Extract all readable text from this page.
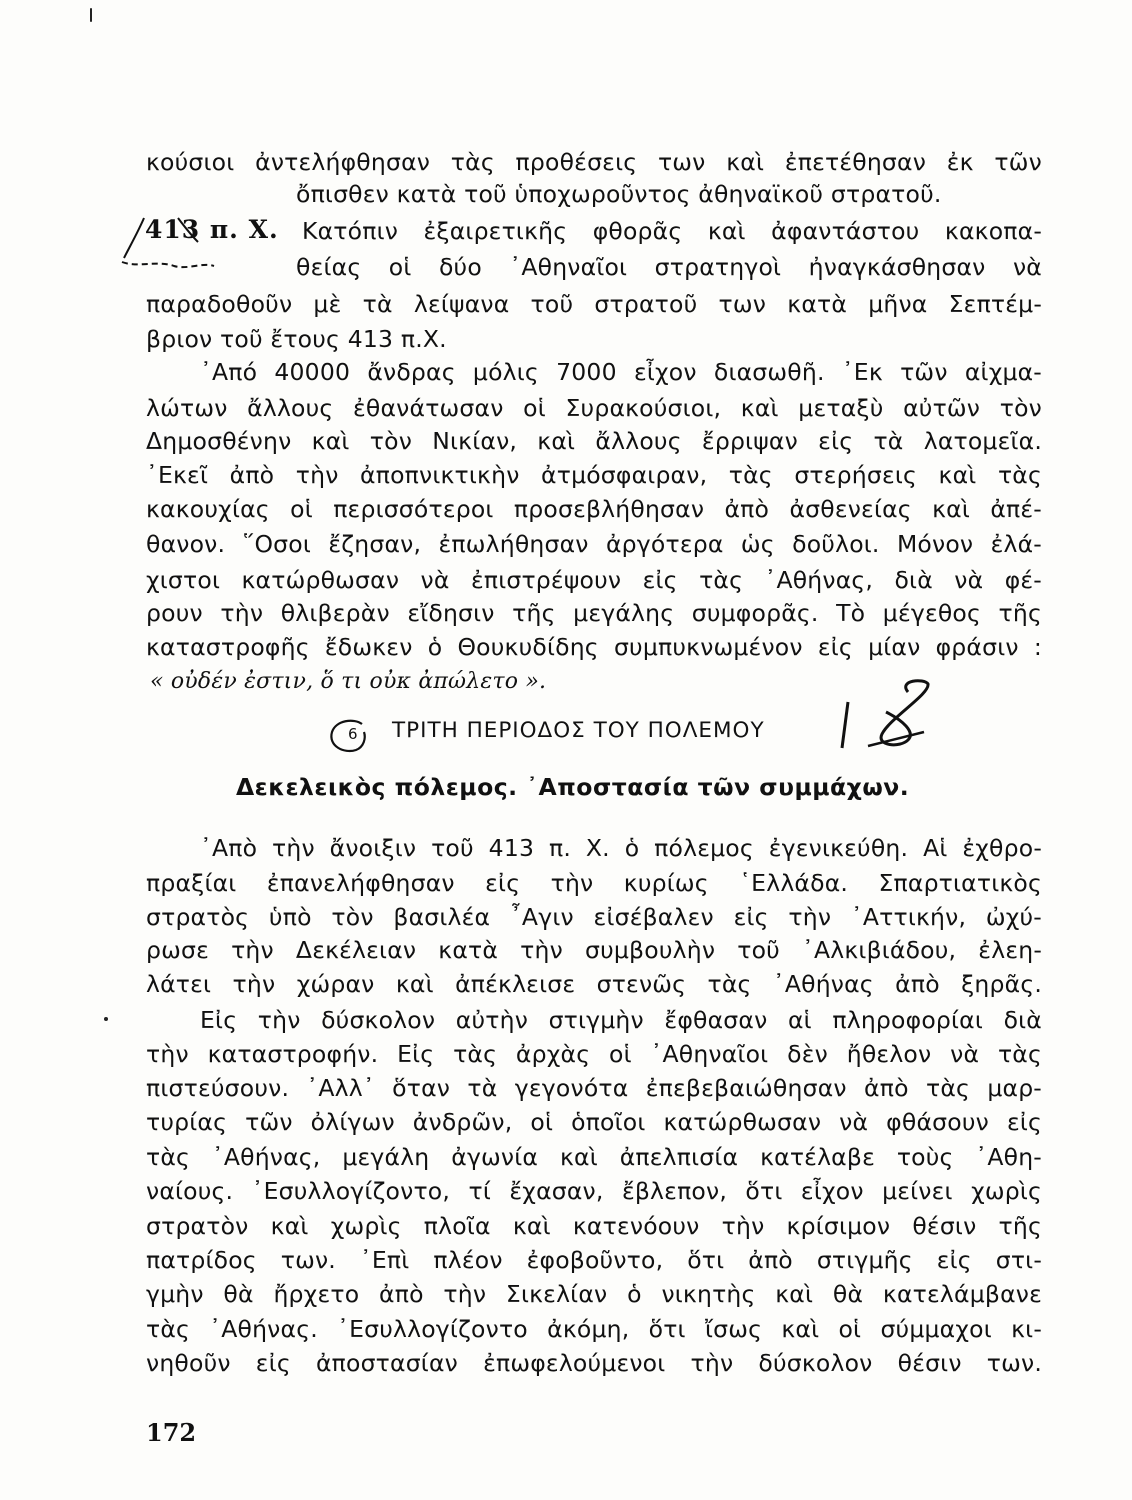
κούσιοι ἀντελήφθησαν τὰς προθέσεις των καὶ ἐπετέθησαν ἐκ τῶν
ὄπισθεν κατὰ τοῦ ὑποχωροῦντος ἀθηναϊκοῦ στρατοῦ.
Κατόπιν ἐξαιρετικῆς φθορᾶς καὶ ἀφαντάστου κακοπα-
θείας οἱ δύο ᾿Αθηναῖοι στρατηγοὶ ἠναγκάσθησαν νὰ
παραδοθοῦν μὲ τὰ λείψανα τοῦ στρατοῦ των κατὰ μῆνα Σεπτέμ-
βριον τοῦ ἔτους 413 π.Χ.
᾿Από 40000 ἄνδρας μόλις 7000 εἶχον διασωθῆ. ᾿Εκ τῶν αἰχμα-
λώτων ἄλλους ἐθανάτωσαν οἱ Συρακούσιοι, καὶ μεταξὺ αὐτῶν τὸν
Δημοσθένην καὶ τὸν Νικίαν, καὶ ἄλλους ἔρριψαν εἰς τὰ λατομεῖα.
᾿Εκεῖ ἀπὸ τὴν ἀποπνικτικὴν ἀτμόσφαιραν, τὰς στερήσεις καὶ τὰς
κακουχίας οἱ περισσότεροι προσεβλήθησαν ἀπὸ ἀσθενείας καὶ ἀπέ-
θανον. ῞Οσοι ἔζησαν, ἐπωλήθησαν ἀργότερα ὡς δοῦλοι. Μόνον ἐλά-
χιστοι κατώρθωσαν νὰ ἐπιστρέψουν εἰς τὰς ᾿Αθήνας, διὰ νὰ φέ-
ρουν τὴν θλιβερὰν εἴδησιν τῆς μεγάλης συμφορᾶς. Τὸ μέγεθος τῆς
καταστροφῆς ἔδωκεν ὁ Θουκυδίδης συμπυκνωμένον εἰς μίαν φράσιν :
« οὐδέν ἐστιν, ὅ τι οὐκ ἀπώλετο ».
413 π. Χ.
6 ΤΡΙΤΗ ΠΕΡΙΟΔΟΣ ΤΟΥ ΠΟΛΕΜΟΥ
Δεκελεικὸς πόλεμος. ᾿Αποστασία τῶν συμμάχων.
᾿Απὸ τὴν ἄνοιξιν τοῦ 413 π. Χ. ὁ πόλεμος ἐγενικεύθη. Αἱ ἐχθρο-
πραξίαι ἐπανελήφθησαν εἰς τὴν κυρίως ῾Ελλάδα. Σπαρτιατικὸς
στρατὸς ὑπὸ τὸν βασιλέα ῏Αγιν εἰσέβαλεν εἰς τὴν ᾿Αττικήν, ὠχύ-
ρωσε τὴν Δεκέλειαν κατὰ τὴν συμβουλὴν τοῦ ᾿Αλκιβιάδου, ἐλεη-
λάτει τὴν χώραν καὶ ἀπέκλεισε στενῶς τὰς ᾿Αθήνας ἀπὸ ξηρᾶς.
Εἰς τὴν δύσκολον αὐτὴν στιγμὴν ἔφθασαν αἱ πληροφορίαι διὰ
τὴν καταστροφήν. Εἰς τὰς ἀρχὰς οἱ ᾿Αθηναῖοι δὲν ἤθελον νὰ τὰς
πιστεύσουν. ᾿Αλλ᾿ ὅταν τὰ γεγονότα ἐπεβεβαιώθησαν ἀπὸ τὰς μαρ-
τυρίας τῶν ὀλίγων ἀνδρῶν, οἱ ὁποῖοι κατώρθωσαν νὰ φθάσουν εἰς
τὰς ᾿Αθήνας, μεγάλη ἀγωνία καὶ ἀπελπισία κατέλαβε τοὺς ᾿Αθη-
ναίους. ᾿Εσυλλογίζοντο, τί ἔχασαν, ἔβλεπον, ὅτι εἶχον μείνει χωρὶς
στρατὸν καὶ χωρὶς πλοῖα καὶ κατενόουν τὴν κρίσιμον θέσιν τῆς
πατρίδος των. ᾿Επὶ πλέον ἐφοβοῦντο, ὅτι ἀπὸ στιγμῆς εἰς στι-
γμὴν θὰ ἤρχετο ἀπὸ τὴν Σικελίαν ὁ νικητὴς καὶ θὰ κατελάμβανε
τὰς ᾿Αθήνας. ᾿Εσυλλογίζοντο ἀκόμη, ὅτι ἴσως καὶ οἱ σύμμαχοι κι-
νηθοῦν εἰς ἀποστασίαν ἐπωφελούμενοι τὴν δύσκολον θέσιν των.
172
